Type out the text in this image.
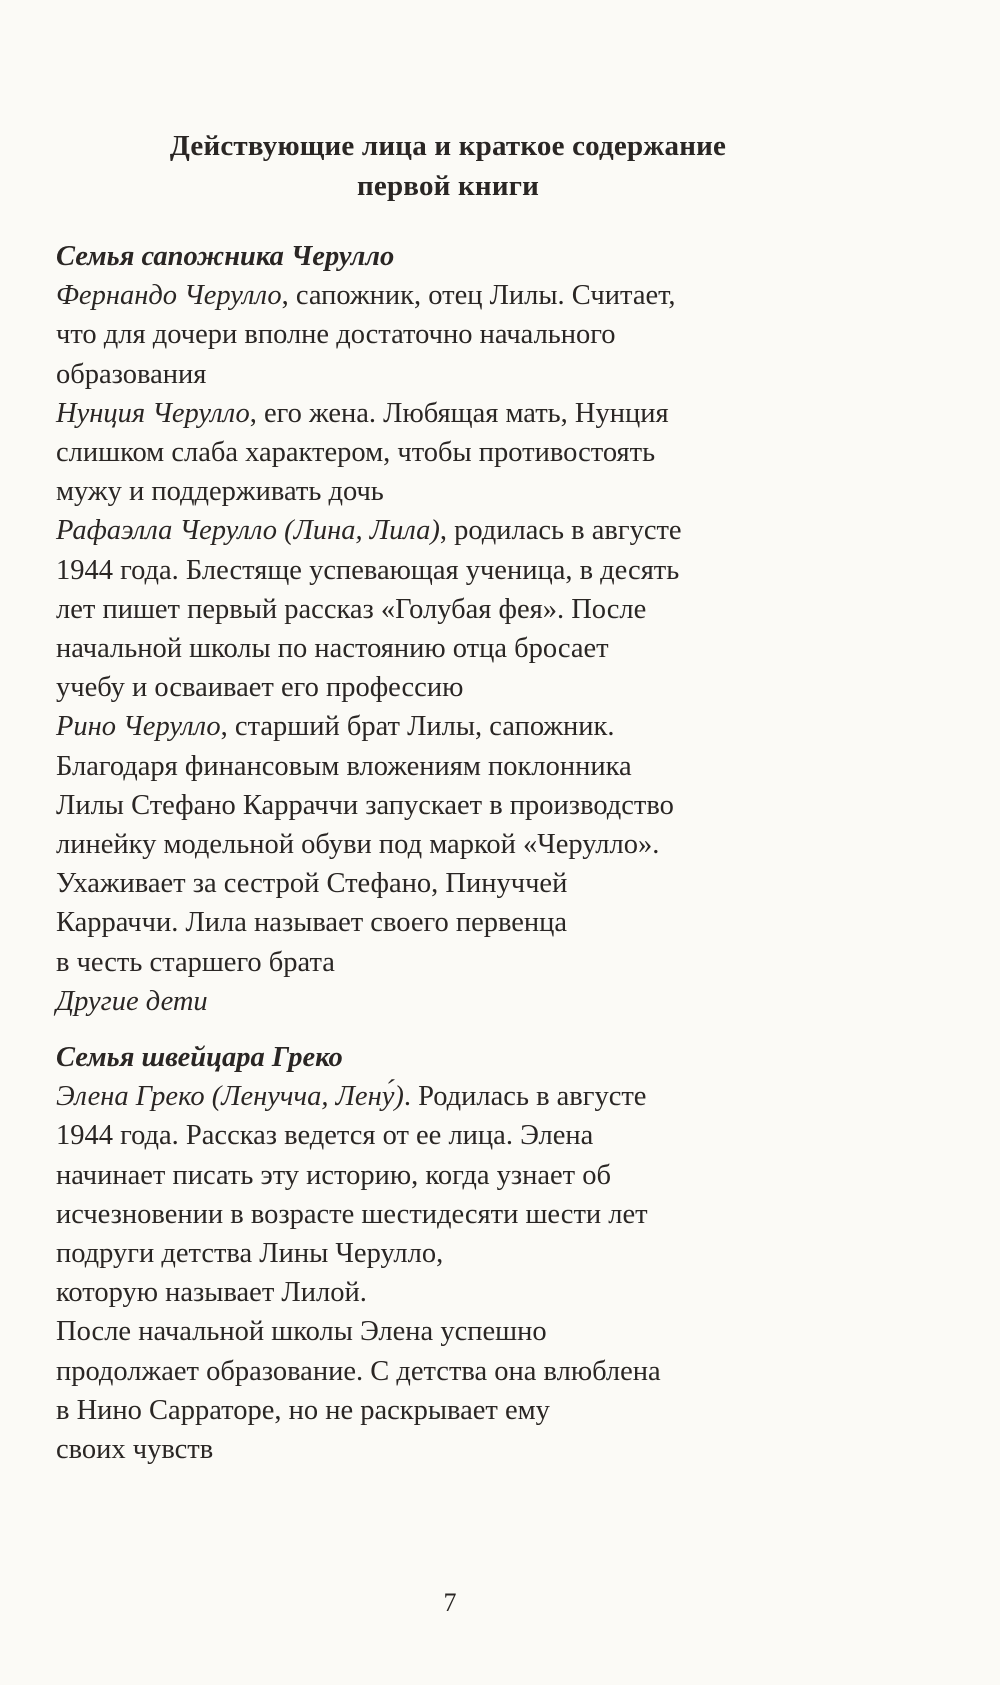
Действующие лица и краткое содержание
первой книги
Семья сапожника Черулло
Фернандо Черулло, сапожник, отец Лилы. Считает,
что для дочери вполне достаточно начального
образования
Нунция Черулло, его жена. Любящая мать, Нунция
слишком слаба характером, чтобы противостоять
мужу и поддерживать дочь
Рафаэлла Черулло (Лина, Лила), родилась в августе
1944 года. Блестяще успевающая ученица, в десять
лет пишет первый рассказ «Голубая фея». После
начальной школы по настоянию отца бросает
учебу и осваивает его профессию
Рино Черулло, старший брат Лилы, сапожник.
Благодаря финансовым вложениям поклонника
Лилы Стефано Карраччи запускает в производство
линейку модельной обуви под маркой «Черулло».
Ухаживает за сестрой Стефано, Пинуччей
Карраччи. Лила называет своего первенца
в честь старшего брата
Другие дети
Семья швейцара Греко
Элена Греко (Ленучча, Лену́). Родилась в августе
1944 года. Рассказ ведется от ее лица. Элена
начинает писать эту историю, когда узнает об
исчезновении в возрасте шестидесяти шести лет
подруги детства Лины Черулло,
которую называет Лилой.
После начальной школы Элена успешно
продолжает образование. С детства она влюблена
в Нино Сарраторе, но не раскрывает ему
своих чувств
7
